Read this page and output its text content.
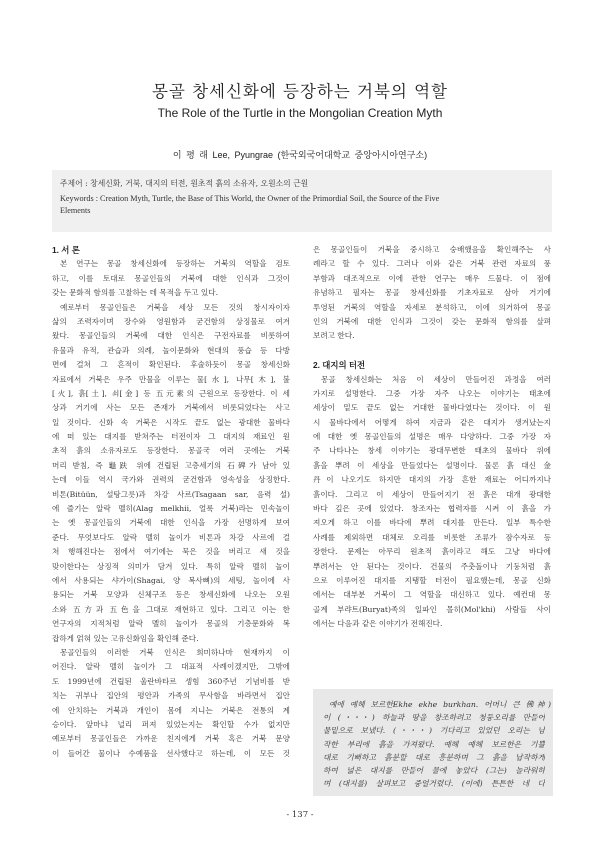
몽골 창세신화에 등장하는 거북의 역할
The Role of the Turtle in the Mongolian Creation Myth
이 평 래 Lee, Pyungrae (한국외국어대학교 중앙아시아연구소)
주제어 : 창세신화, 거북, 대지의 터전, 원초적 흙의 소유자, 오원소의 근원
Keywords : Creation Myth, Turtle, the Base of This World, the Owner of the Primordial Soil, the Source of the Five
Elements
1. 서 론
본 연구는 몽골 창세신화에 등장하는 거북의 역할을 검토
하고, 이를 토대로 몽골인들의 거북에 대한 인식과 그것이
갖는 문화적 함의를 고찰하는 데 목적을 두고 있다.
예로부터 몽골인들은 거북을 세상 모든 것의 창시자이자
삶의 조력자이며 장수와 영원함과 굳건함의 상징물로 여겨
왔다. 몽골인들의 거북에 대한 인식은 구전자료를 비롯하여
유물과 유적, 관습과 의례, 놀이문화와 현대의 풍습 등 다방
면에 걸쳐 그 흔적이 확인된다. 후술하듯이 몽골 창세신화
자료에서 거북은 우주 만물을 이루는 물[水], 나무[木], 불
[火], 흙[土], 쇠[金] 등 五元素의 근원으로 등장한다. 이 세
상과 거기에 사는 모든 존재가 거북에서 비롯되었다는 사고
일 것이다. 신화 속 거북은 시작도 끝도 없는 광대한 물바다
에 떠 있는 대지를 받쳐주는 터전이자 그 대지의 재료인 원
초적 흙의 소유자로도 등장한다. 몽골국 여러 곳에는 거북
머리 받침, 즉 龜趺 위에 건립된 고층세기의 石碑가 남아 있
는데 이들 역시 국가와 권력의 굳건함과 영속성을 상징한다.
비톤(Bitüün, 설탕그릇)과 차강 사르(Tsagaan sar, 음력 설)
에 즐기는 알락 멜히(Alag melkhii, 얼룩 거북)라는 민속놀이
는 옛 몽골인들의 거북에 대한 인식을 가장 선명하게 보여
준다. 무엇보다도 알락 멜히 놀이가 비톤과 차강 사르에 걸
쳐 행해진다는 점에서 여기에는 묵은 것을 버리고 새 것을
맞이한다는 상징적 의미가 담겨 있다. 특히 알락 멜히 놀이
에서 사용되는 샤가이(Shagai, 양 복사뼈)의 세팅, 놀이에 사
용되는 거북 모양과 신체구조 등은 창세신화에 나오는 오원
소와 五方과 五色을 그대로 재현하고 있다. 그리고 이는 한
연구자의 지적처럼 알락 멜히 놀이가 몽골의 기층문화와 복
잡하게 얽혀 있는 고유신화임을 확인해 준다.
몽골인들의 이러한 거북 인식은 희미하나마 현재까지 이
어진다. 알락 멜히 놀이가 그 대표적 사례이겠지만, 그밖에
도 1999년에 건립된 울란바타르 셍힘 360주년 기념비를 받
치는 귀부나 집안의 평안과 가족의 무사함을 바라면서 집안
에 안치하는 거북과 개인이 몸에 지니는 거북은 전통의 계
승이다. 앞마냐 널리 퍼져 있었는지는 확인할 수가 없지만
예로부터 몽골인들은 가까운 친지에게 거북 혹은 거북 문양
이 들어간 물이나 수예품을 선사했다고 하는데, 이 모든 것
은 몽골인들이 거북을 중시하고 숭배했음을 확인해주는 사
례라고 할 수 있다. 그러나 이와 같은 거북 관련 자료의 풍
부함과 대조적으로 이에 관한 연구는 매우 드물다. 이 점에
유념하고 필자는 몽골 창세신화를 기초자료로 삼아 거기에
투영된 거북의 역할을 자세로 분석하고, 이에 의거하여 몽골
인의 거북에 대한 인식과 그것이 갖는 문화적 함의를 살펴
보려고 한다.
2. 대지의 터전
몽골 창세신화는 처음 이 세상이 만들어진 과정을 여러
가지로 설명한다. 그중 가장 자주 나오는 이야기는 태초에
세상이 밑도 끝도 없는 거대한 물바다였다는 것이다. 이 원
시 물바다에서 어떻게 하여 지금과 같은 대지가 생겨났는지
에 대한 옛 몽골인들의 설명은 매우 다양하다. 그중 가장 자
주 나타나는 창세 이야기는 광대무변한 태초의 물바다 위에
흙을 뿌려 이 세상을 만들었다는 설명이다. 물론 흙 대신 金
丹이 나오기도 하지만 대지의 가장 흔한 재료는 어디까지나
흙이다. 그리고 이 세상이 만들어지기 전 흙은 대개 광대한
바다 깊은 곳에 있었다. 창조자는 협력자를 시켜 이 흙을 가
져오게 하고 이를 바다에 뿌려 대지를 만든다. 일부 특수한
사례를 제외하면 대체로 오리를 비롯한 조류가 잠수자로 등
장한다. 문제는 아무리 원초적 흙이라고 해도 그냥 바다에
뿌려서는 안 된다는 것이다. 건물의 주춧돌이나 기둥처럼 흙
으로 이루어진 대지를 지탱할 터전이 필요했는데, 몽골 신화
에서는 대부분 거북이 그 역할을 대신하고 있다. 예컨대 몽
골계 부랴트(Buryat)족의 일파인 몰히(Mol'khi) 사람들 사이
에서는 다음과 같은 이야기가 전해진다.
예에 예헤 보르한Ekhe ekhe burkhan. 어머니 큰 佛神)
이 (･･･) 하늘과 땅을 창조하려고 청둥오리를 만들어
물밑으로 보냈다. (･･･) 기다리고 있었던 오리는 남
작한 부리에 흙을 가져왔다. 예헤 예헤 보르한은 기쁠
대로 기뻐하고 흙분할 대로 흥분하며 그 흙을 납작하게
하여 넓은 대지를 만들어 물에 놓았다 (그는) 놀라워하
며 (대지를) 살펴보고 중얼거렸다. (이에) 튼튼한 네 다
- 137 -
